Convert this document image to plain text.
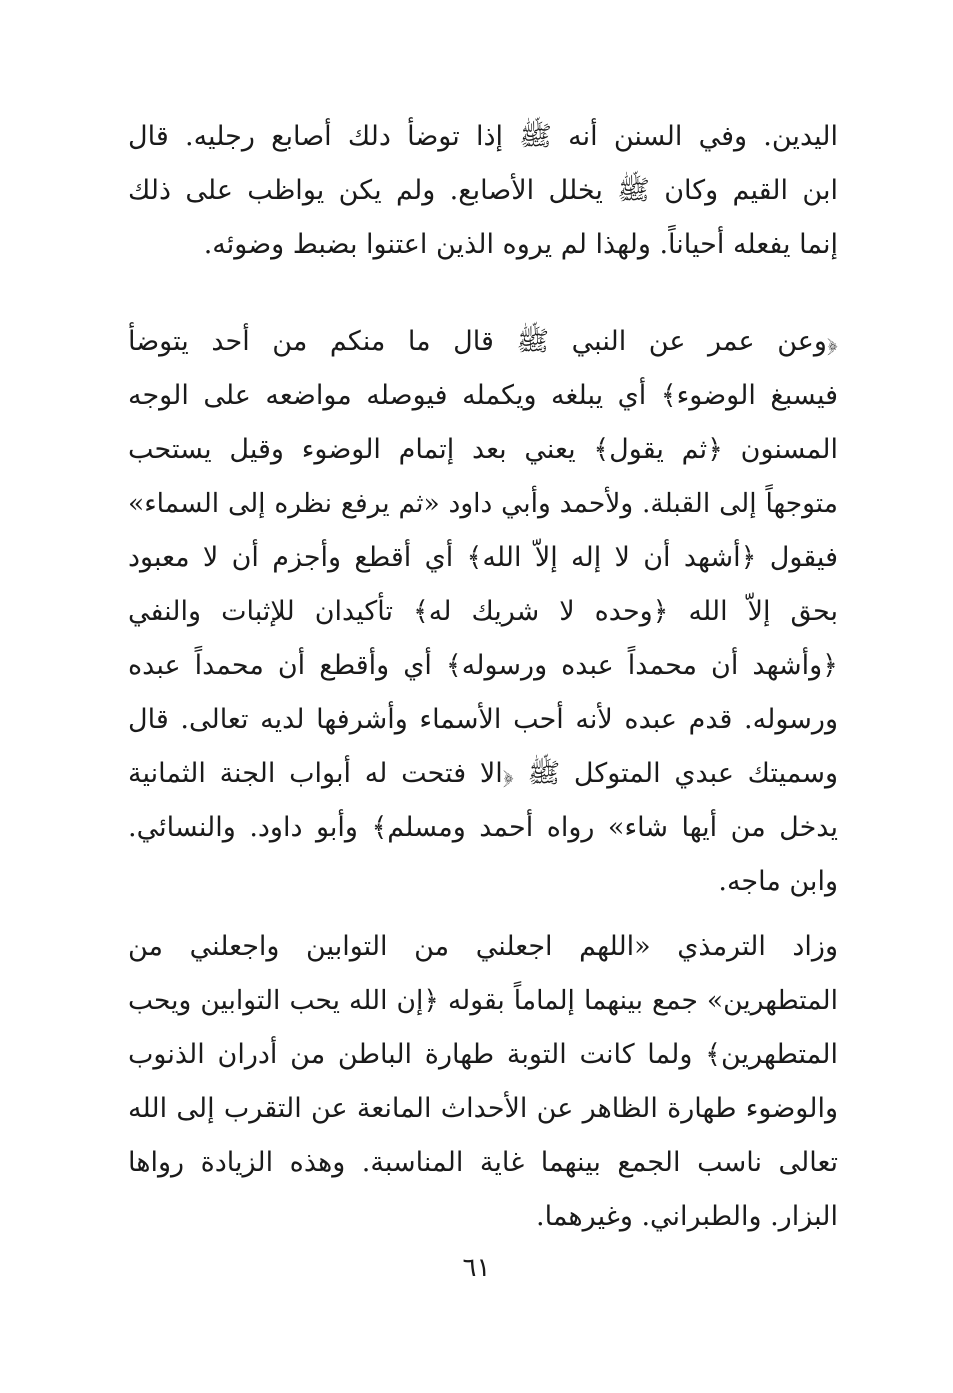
اليدين. وفي السنن أنه ﷺ إذا توضأ دلك أصابع رجليه. قال
ابن القيم وكان ﷺ يخلل الأصابع. ولم يكن يواظب على ذلك
إنما يفعله أحياناً. ولهذا لم يروه الذين اعتنوا بضبط وضوئه.
﴿وعن عمر عن النبي ﷺ قال ما منكم من أحد يتوضأ
فيسبغ الوضوء﴾ أي يبلغه ويكمله فيوصله مواضعه على الوجه
المسنون ﴿ثم يقول﴾ يعني بعد إتمام الوضوء وقيل يستحب
متوجهاً إلى القبلة. ولأحمد وأبي داود «ثم يرفع نظره إلى السماء»
فيقول ﴿أشهد أن لا إله إلاّ الله﴾ أي أقطع وأجزم أن لا معبود
بحق إلاّ الله ﴿وحده لا شريك له﴾ تأكيدان للإثبات والنفي
﴿وأشهد أن محمداً عبده ورسوله﴾ أي وأقطع أن محمداً عبده
ورسوله. قدم عبده لأنه أحب الأسماء وأشرفها لديه تعالى. قال
وسميتك عبدي المتوكل ﷺ ﴿الا فتحت له أبواب الجنة الثمانية
يدخل من أيها شاء» رواه أحمد ومسلم﴾ وأبو داود. والنسائي.
وابن ماجه.
وزاد الترمذي «اللهم اجعلني من التوابين واجعلني من
المتطهرين» جمع بينهما إلماماً بقوله ﴿إن الله يحب التوابين ويحب
المتطهرين﴾ ولما كانت التوبة طهارة الباطن من أدران الذنوب
والوضوء طهارة الظاهر عن الأحداث المانعة عن التقرب إلى الله
تعالى ناسب الجمع بينهما غاية المناسبة. وهذه الزيادة رواها
البزار. والطبراني. وغيرهما.
٦١
